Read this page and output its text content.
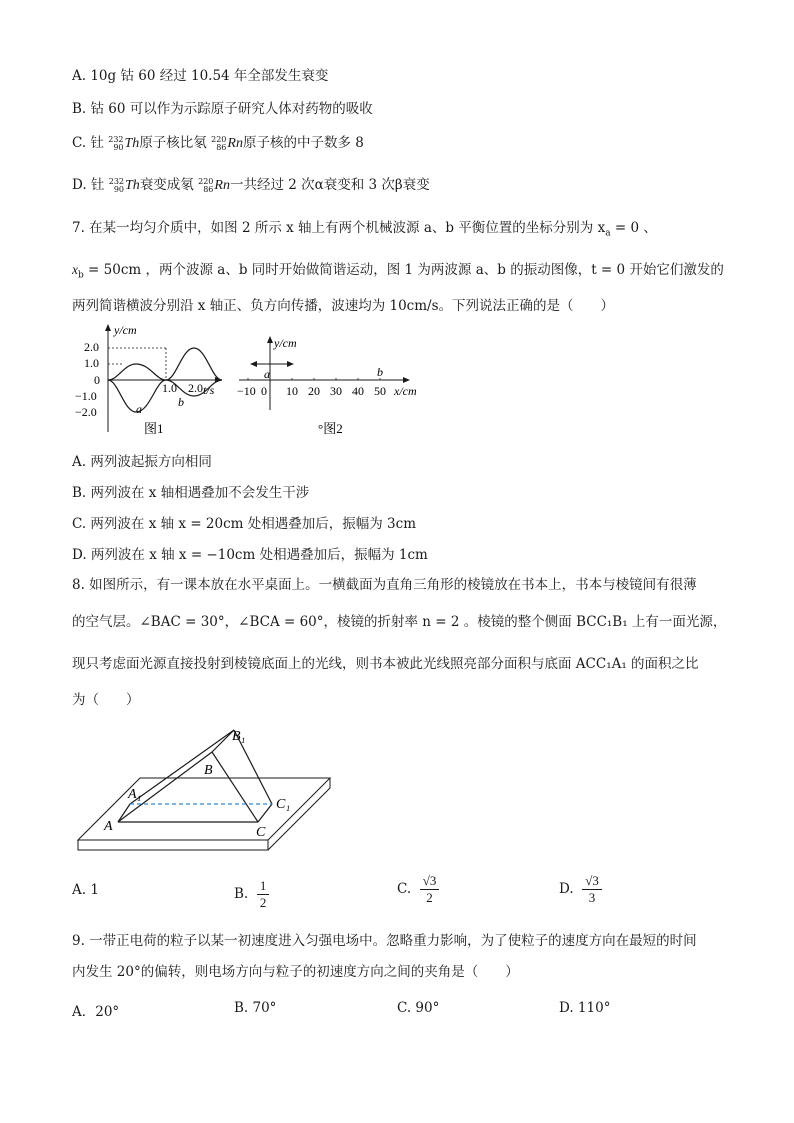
A. 10g 钴 60 经过 10.54 年全部发生衰变
B. 钴 60 可以作为示踪原子研究人体对药物的吸收
C. 钍 232
90 Th原子核比氡 220
86 Rn原子核的中子数多 8
D. 钍 232
90 Th衰变成氡 220
86 Rn一共经过 2 次α衰变和 3 次β衰变
7. 在某一均匀介质中，如图 2 所示 x 轴上有两个机械波源 a、b 平衡位置的坐标分别为 $x_a = 0$ 、
$x_b = 50cm$ ，两个波源 a、b 同时开始做简谐运动，图 1 为两波源 a、b 的振动图像，t = 0 开始它们激发的
两列简谐横波分别沿 x 轴正、负方向传播，波速均为 10cm/s。下列说法正确的是（　　）
y/cm
t/s
2.0
1.0
0
−1.0
−2.0
1.0 2.0
a	b
图1
y/cm
a	b
−10 0 10 20 30 40 50 x/cm
°图2
A. 两列波起振方向相同
B. 两列波在 x 轴相遇叠加不会发生干涉
C. 两列波在 x 轴 x = 20cm 处相遇叠加后，振幅为 3cm
D. 两列波在 x 轴 x = −10cm 处相遇叠加后，振幅为 1cm
8. 如图所示，有一课本放在水平桌面上。一横截面为直角三角形的棱镜放在书本上，书本与棱镜间有很薄
的空气层。∠BAC = 30°，∠BCA = 60°，棱镜的折射率 n = 2 。棱镜的整个侧面 BCC₁B₁ 上有一面光源，
现只考虑面光源直接投射到棱镜底面上的光线，则书本被此光线照亮部分面积与底面 ACC₁A₁ 的面积之比
为（　　）
B₁
B
A₁
C₁
A	C
A. 1	B. $\frac{1}{2}$	C. $\frac{√3}{2}$	D. $\frac{√3}{3}$
9. 一带正电荷的粒子以某一初速度进入匀强电场中。忽略重力影响，为了使粒子的速度方向在最短的时间
内发生 20°的偏转，则电场方向与粒子的初速度方向之间的夹角是（　　）
A．20°	B. 70°	C. 90°	D. 110°
